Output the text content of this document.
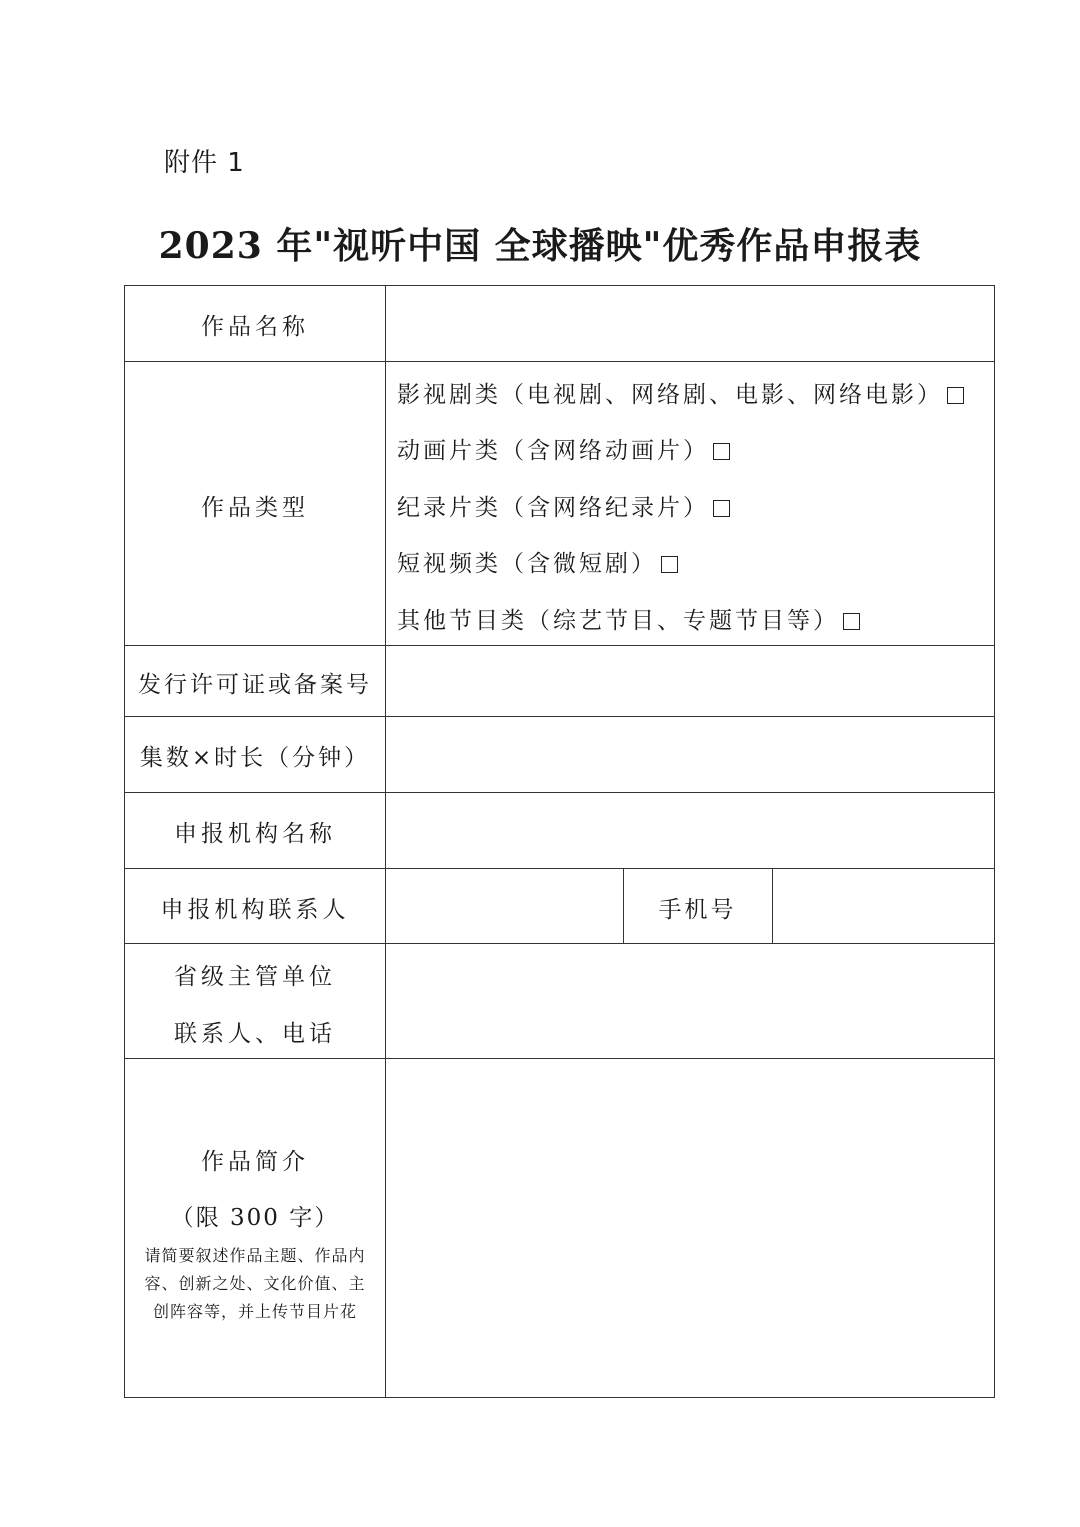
附件 1
2023 年"视听中国 全球播映"优秀作品申报表
作品名称
作品类型
影视剧类（电视剧、网络剧、电影、网络电影）
动画片类（含网络动画片）
纪录片类（含网络纪录片）
短视频类（含微短剧）
其他节目类（综艺节目、专题节目等）
发行许可证或备案号
集数×时长（分钟）
申报机构名称
申报机构联系人	手机号
省级主管单位
联系人、电话
作品简介
（限 300 字）
请简要叙述作品主题、作品内
容、创新之处、文化价值、主
创阵容等，并上传节目片花
